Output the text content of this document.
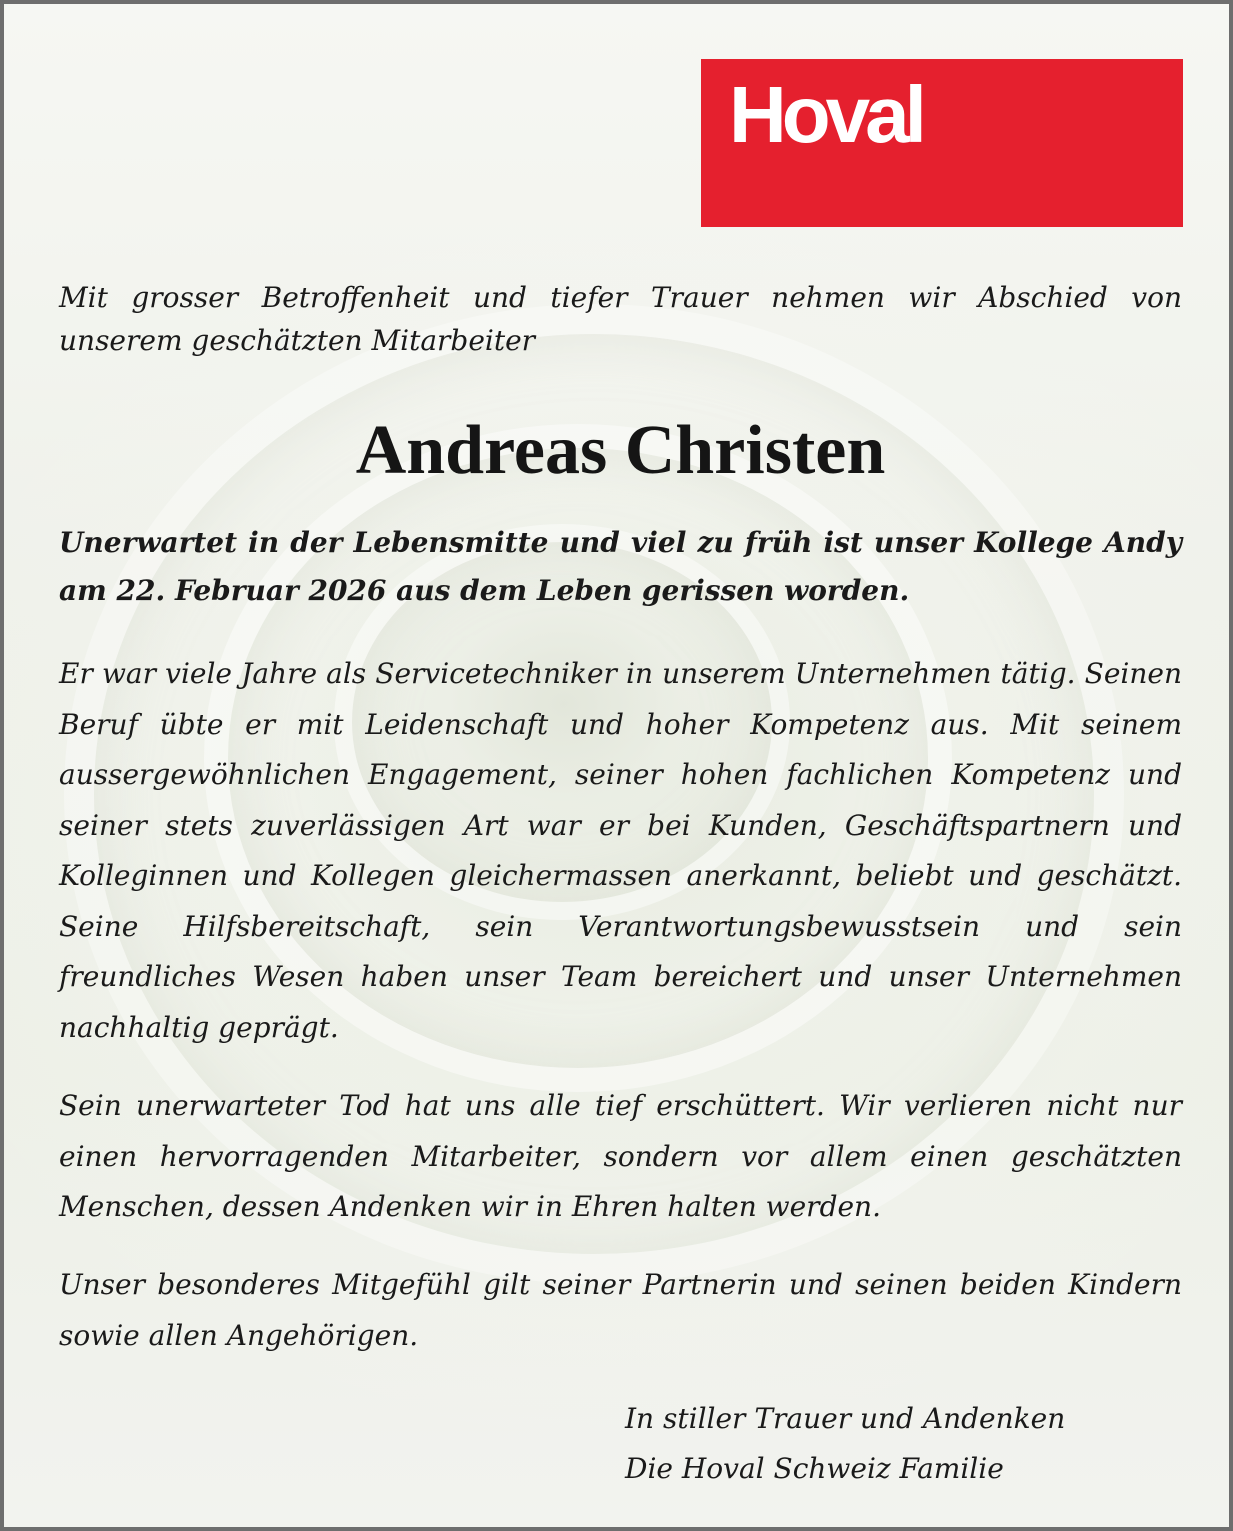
Hoval
Mit grosser Betroffenheit und tiefer Trauer nehmen wir Abschied von unserem geschätzten Mitarbeiter
Andreas Christen
Unerwartet in der Lebensmitte und viel zu früh ist unser Kollege Andy am 22. Februar 2026 aus dem Leben gerissen worden.
Er war viele Jahre als Servicetechniker in unserem Unternehmen tätig. Seinen Beruf übte er mit Leidenschaft und hoher Kompetenz aus. Mit seinem aussergewöhnlichen Engagement, seiner hohen fachlichen Kompetenz und seiner stets zuverlässigen Art war er bei Kunden, Geschäftspartnern und Kolleginnen und Kollegen gleichermassen anerkannt, beliebt und geschätzt. Seine Hilfsbereitschaft, sein Verantwortungsbewusstsein und sein freundliches Wesen haben unser Team bereichert und unser Unternehmen nachhaltig geprägt.
Sein unerwarteter Tod hat uns alle tief erschüttert. Wir verlieren nicht nur einen hervorragenden Mitarbeiter, sondern vor allem einen geschätzten Menschen, dessen Andenken wir in Ehren halten werden.
Unser besonderes Mitgefühl gilt seiner Partnerin und seinen beiden Kindern sowie allen Angehörigen.
In stiller Trauer und Andenken
Die Hoval Schweiz Familie
